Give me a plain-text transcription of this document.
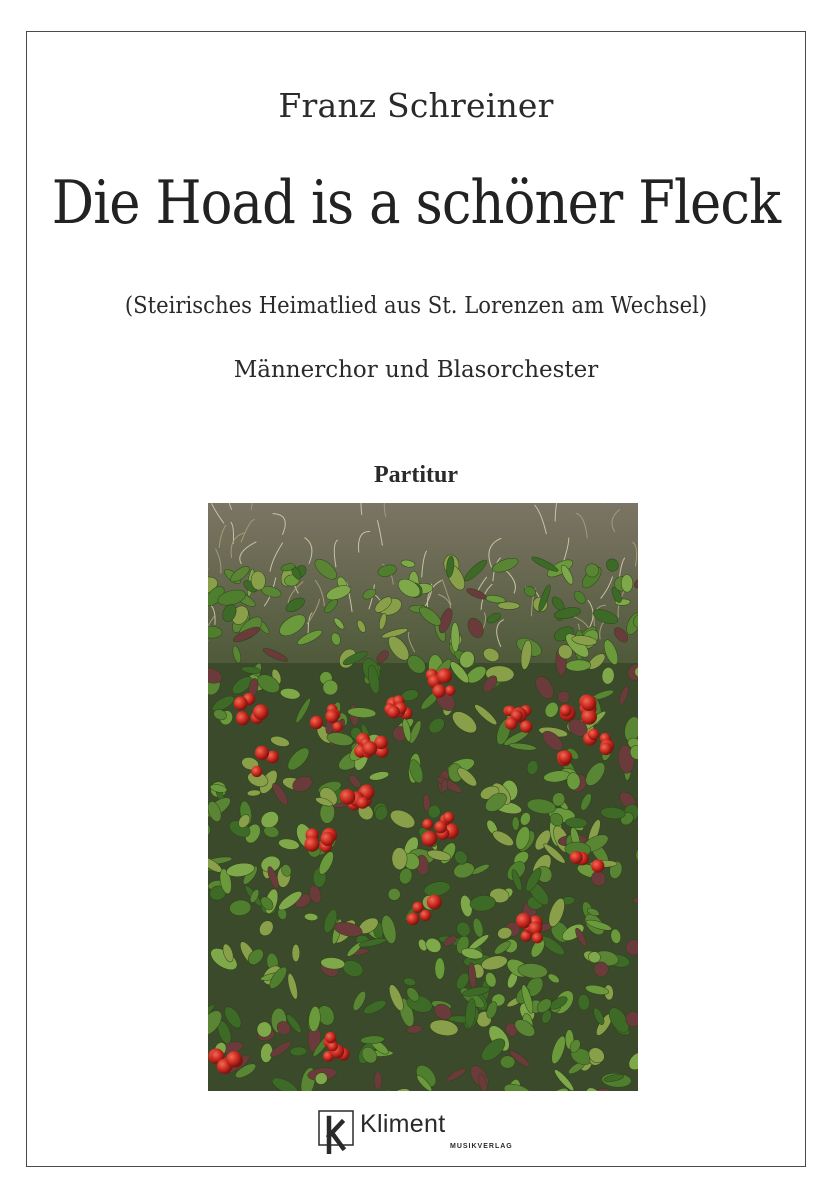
Franz Schreiner
Die Hoad is a schöner Fleck
(Steirisches Heimatlied aus St. Lorenzen am Wechsel)
Männerchor und Blasorchester
Partitur
Kliment
MUSIKVERLAG
